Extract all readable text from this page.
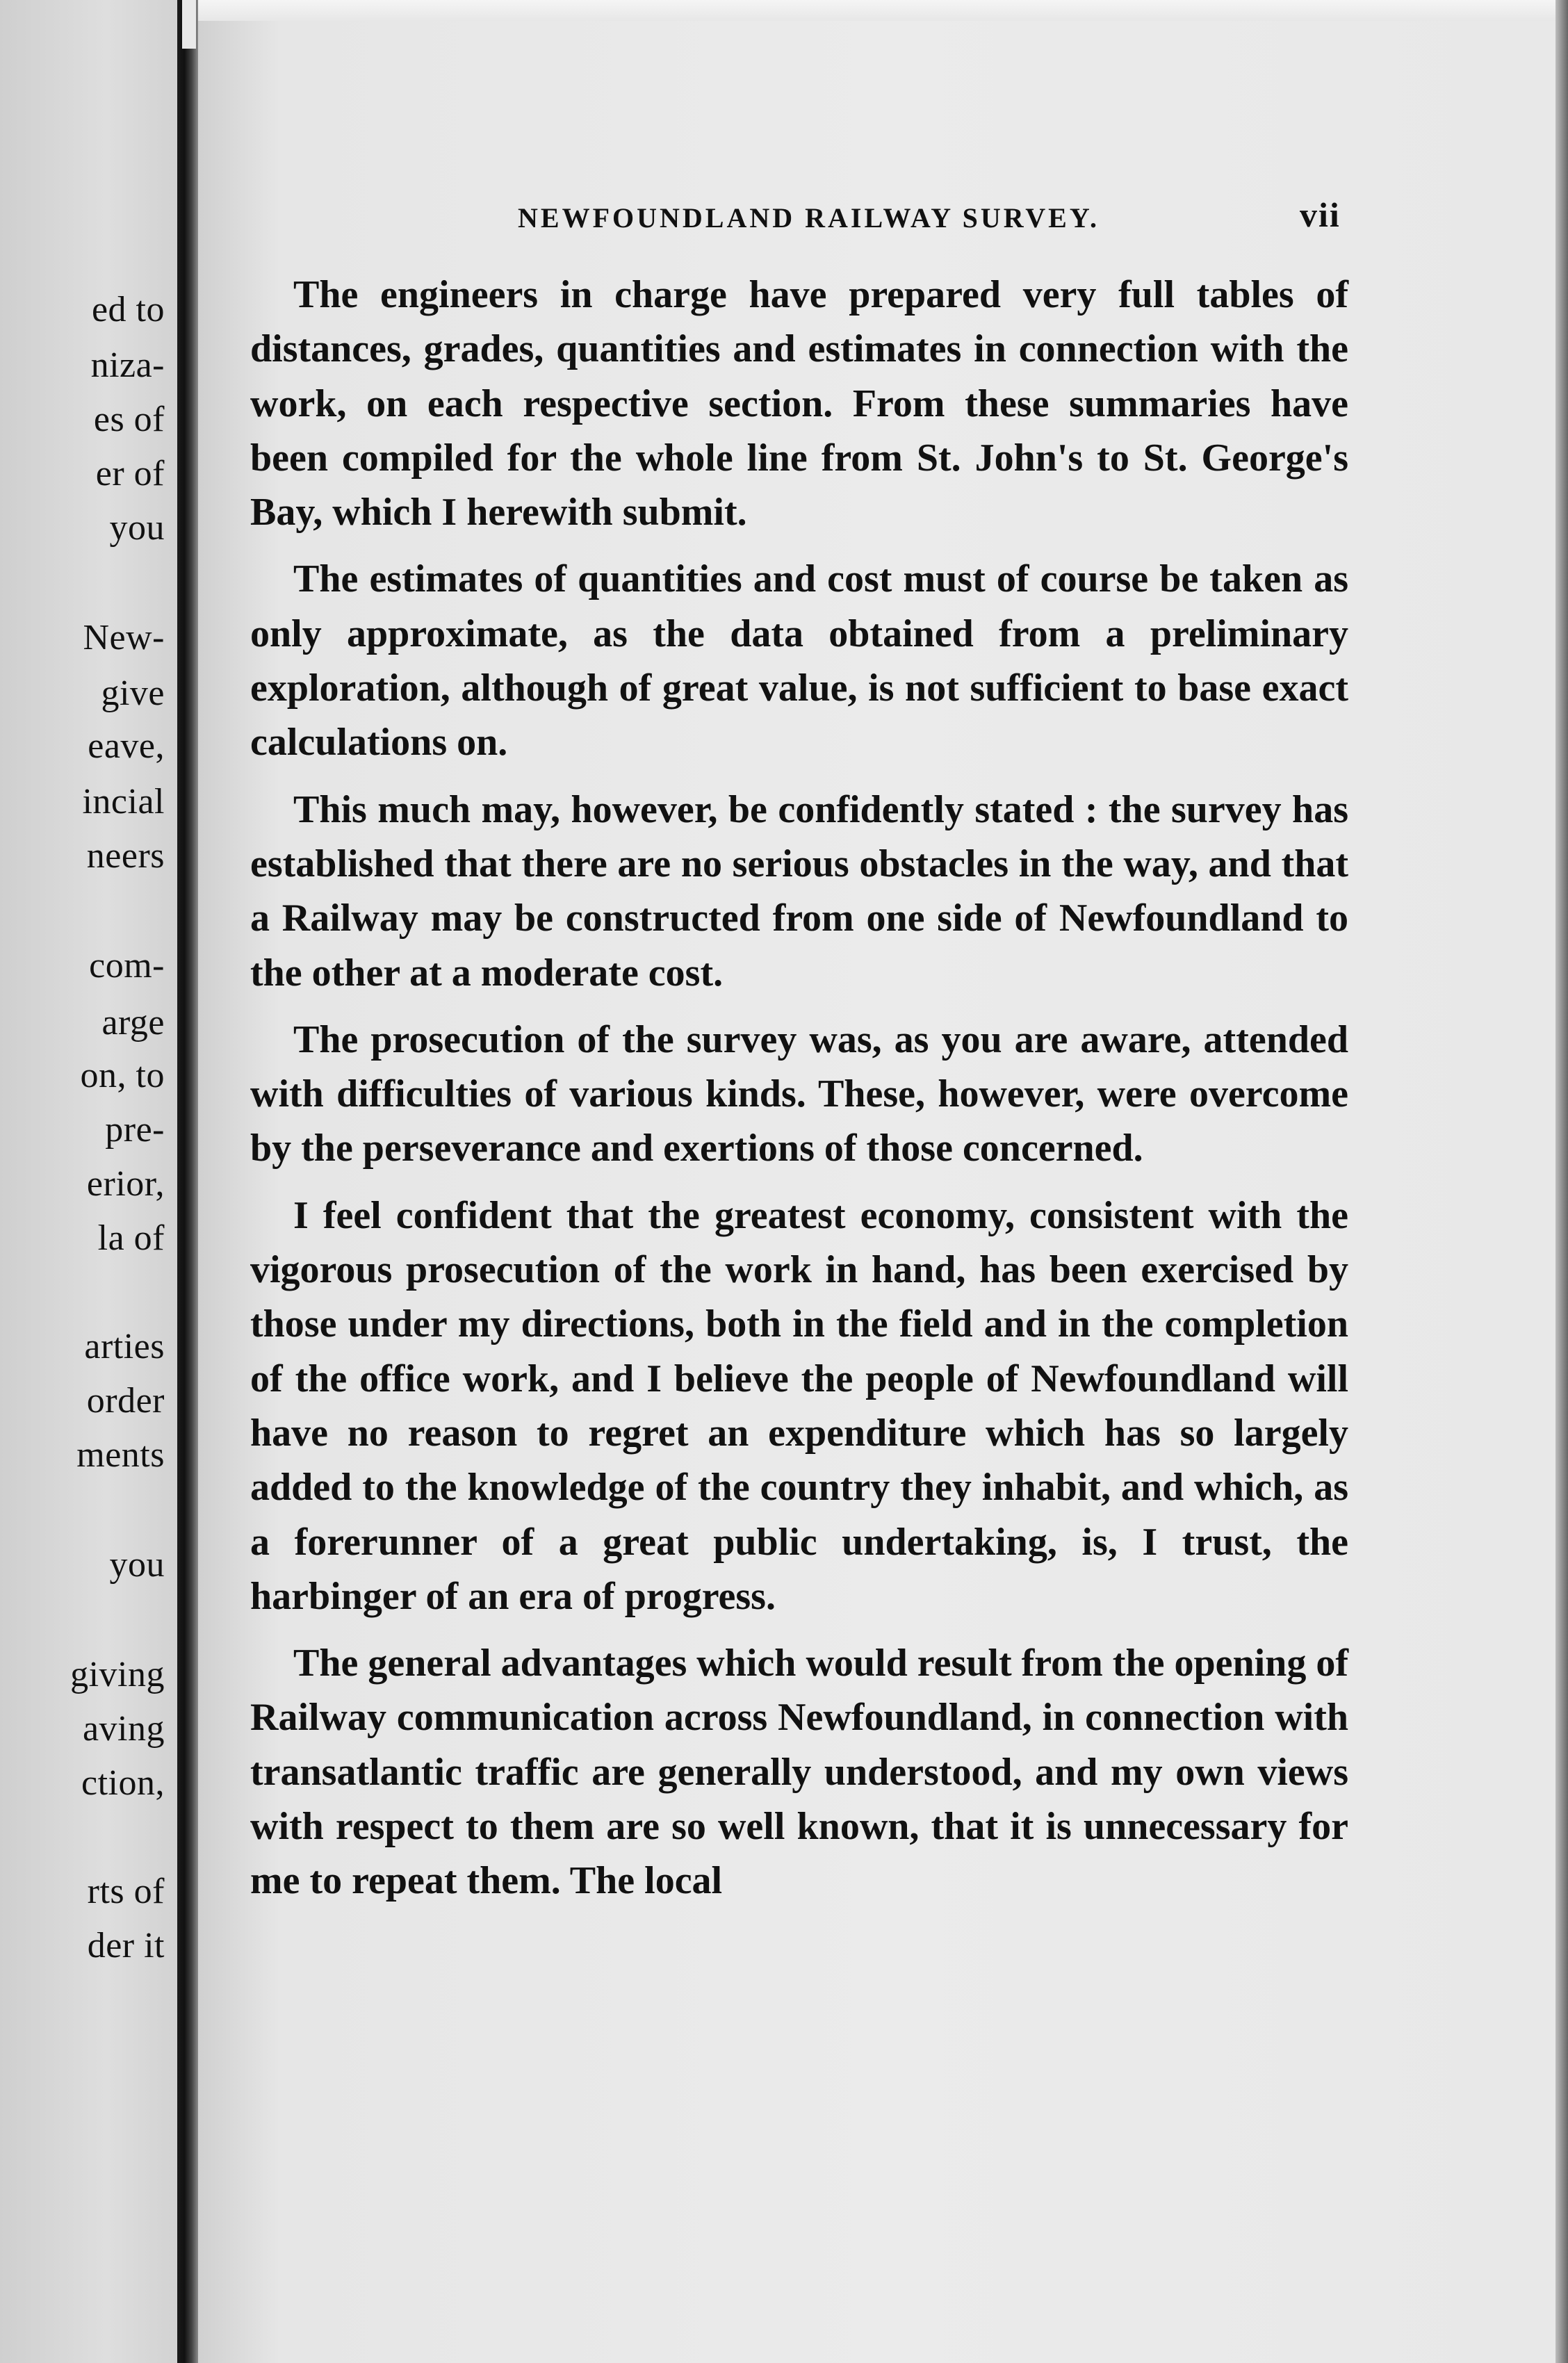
ed to
niza-
es of
er of
you
New-
give
eave,
incial
neers
com-
arge
on, to
pre-
erior,
la of
arties
order
ments
you
giving
aving
ction,
rts of
der it
NEWFOUNDLAND RAILWAY SURVEY.	vii

The engineers in charge have prepared very full tables of distances, grades, quantities and estimates in connection with the work, on each respective section. From these summaries have been compiled for the whole line from St. John's to St. George's Bay, which I herewith submit.

The estimates of quantities and cost must of course be taken as only approximate, as the data obtained from a preliminary exploration, although of great value, is not sufficient to base exact calculations on.

This much may, however, be confidently stated : the survey has established that there are no serious obstacles in the way, and that a Railway may be constructed from one side of Newfoundland to the other at a moderate cost.

The prosecution of the survey was, as you are aware, attended with difficulties of various kinds. These, however, were overcome by the perseverance and exertions of those concerned.

I feel confident that the greatest economy, consistent with the vigorous prosecution of the work in hand, has been exercised by those under my directions, both in the field and in the completion of the office work, and I believe the people of Newfoundland will have no reason to regret an expenditure which has so largely added to the knowledge of the country they inhabit, and which, as a forerunner of a great public undertaking, is, I trust, the harbinger of an era of progress.

The general advantages which would result from the opening of Railway communication across Newfoundland, in connection with transatlantic traffic are generally understood, and my own views with respect to them are so well known, that it is unnecessary for me to repeat them. The local
